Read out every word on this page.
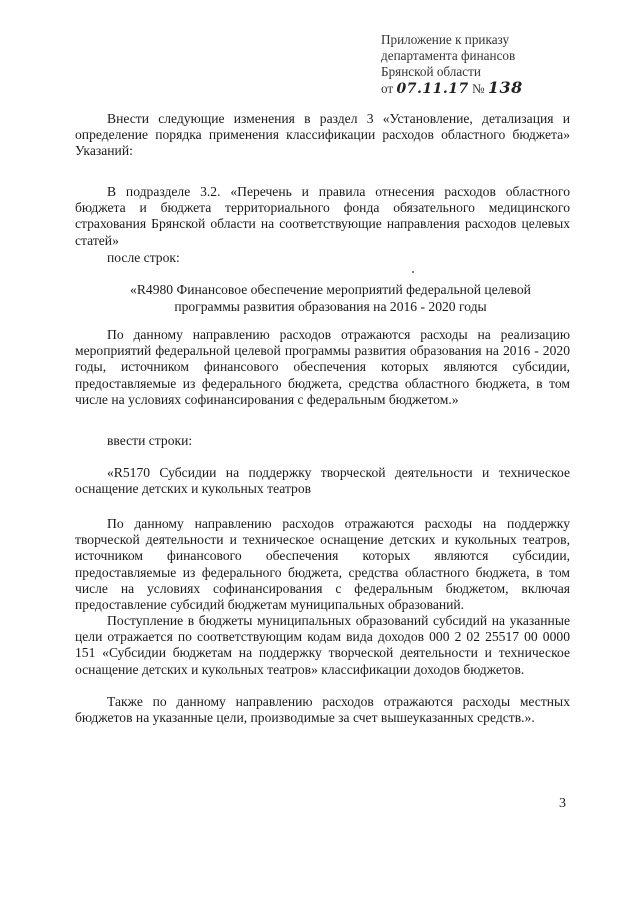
Приложение к приказу
департамента финансов
Брянской области
от 07.11.17 № 138

Внести следующие изменения в раздел 3 «Установление, детализация и определение порядка применения классификации расходов областного бюджета» Указаний:

В подразделе 3.2. «Перечень и правила отнесения расходов областного бюджета и бюджета территориального фонда обязательного медицинского страхования Брянской области на соответствующие направления расходов целевых статей»

после строк:

«R4980 Финансовое обеспечение мероприятий федеральной целевой программы развития образования на 2016 - 2020 годы

По данному направлению расходов отражаются расходы на реализацию мероприятий федеральной целевой программы развития образования на 2016 - 2020 годы, источником финансового обеспечения которых являются субсидии, предоставляемые из федерального бюджета, средства областного бюджета, в том числе на условиях софинансирования с федеральным бюджетом.»

ввести строки:

«R5170 Субсидии на поддержку творческой деятельности и техническое оснащение детских и кукольных театров

По данному направлению расходов отражаются расходы на поддержку творческой деятельности и техническое оснащение детских и кукольных театров, источником финансового обеспечения которых являются субсидии, предоставляемые из федерального бюджета, средства областного бюджета, в том числе на условиях софинансирования с федеральным бюджетом, включая предоставление субсидий бюджетам муниципальных образований.

Поступление в бюджеты муниципальных образований субсидий на указанные цели отражается по соответствующим кодам вида доходов 000 2 02 25517 00 0000 151 «Субсидии бюджетам на поддержку творческой деятельности и техническое оснащение детских и кукольных театров» классификации доходов бюджетов.

Также по данному направлению расходов отражаются расходы местных бюджетов на указанные цели, производимые за счет вышеуказанных средств.».

3
